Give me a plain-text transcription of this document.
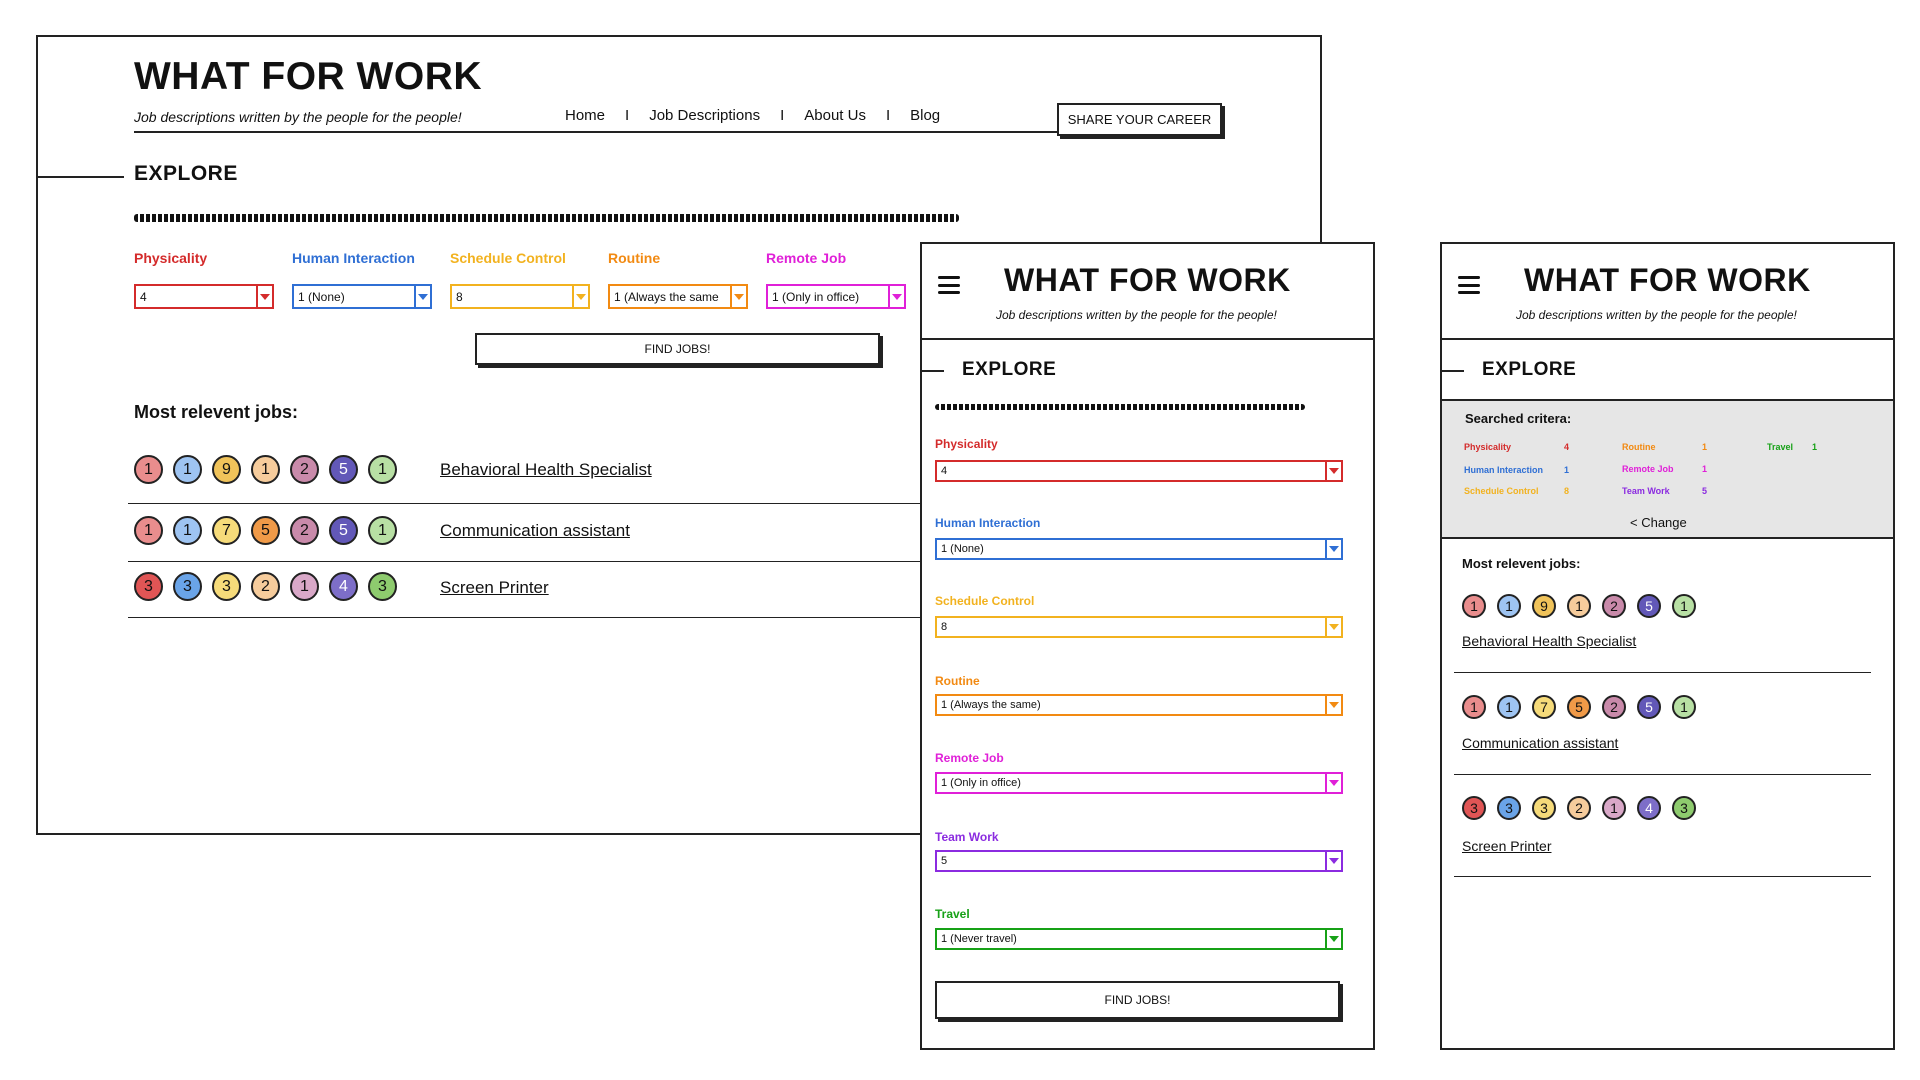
WHAT FOR WORK
Job descriptions written by the people for the people!	Home I Job Descriptions I About Us I Blog	SHARE YOUR CAREER
EXPLORE
Physicality
4
Human Interaction
1 (None)
Schedule Control
8
Routine
1 (Always the same
Remote Job
1 (Only in office)
FIND JOBS!
Most relevent jobs:
1	1	9	1	2	5	1	Behavioral Health Specialist
1	1	7	5	2	5	1	Communication assistant
3	3	3	2	1	4	3	Screen Printer
WHAT FOR WORK
Job descriptions written by the people for the people!
EXPLORE
Physicality
4
Human Interaction
1 (None)
Schedule Control
8
Routine
1 (Always the same)
Remote Job
1 (Only in office)
Team Work
5
Travel
1 (Never travel)
FIND JOBS!
WHAT FOR WORK
Job descriptions written by the people for the people!
EXPLORE
Searched critera:
Physicality	4
Human Interaction 1
Schedule Control	8
Routine	1
Remote Job	1
Team Work	5
Travel 1
< Change
Most relevent jobs:
1	1	9	1	2	5	1
Behavioral Health Specialist
1	1	7	5	2	5	1
Communication assistant
3	3	3	2	1	4	3
Screen Printer
